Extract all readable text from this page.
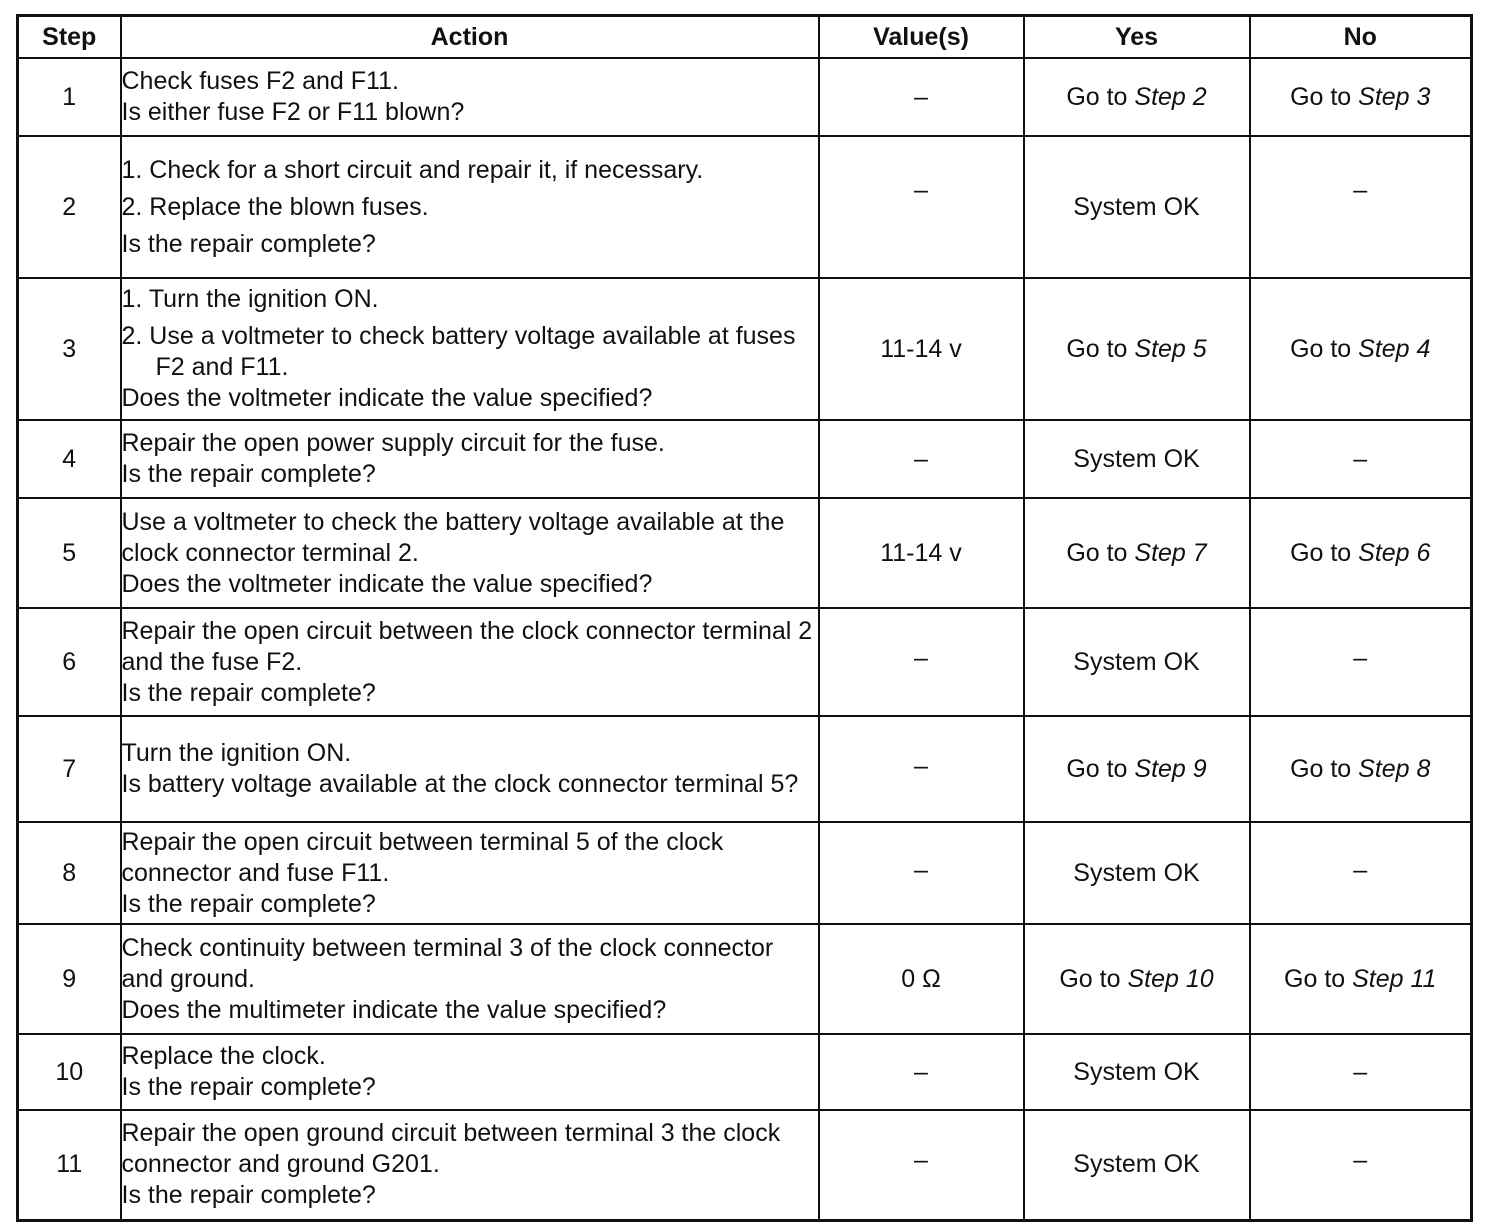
Step	Action	Value(s)	Yes	No
1	Check fuses F2 and F11.
Is either fuse F2 or F11 blown?	–	Go to Step 2	Go to Step 3
2	1. Check for a short circuit and repair it, if necessary.
2. Replace the blown fuses.
Is the repair complete?	–	System OK	–
3	1. Turn the ignition ON.
2. Use a voltmeter to check battery voltage available at fuses F2 and F11.
Does the voltmeter indicate the value specified?	11-14 v	Go to Step 5	Go to Step 4
4	Repair the open power supply circuit for the fuse.
Is the repair complete?	–	System OK	–
5	Use a voltmeter to check the battery voltage available at the clock connector terminal 2.
Does the voltmeter indicate the value specified?	11-14 v	Go to Step 7	Go to Step 6
6	Repair the open circuit between the clock connector terminal 2 and the fuse F2.
Is the repair complete?	–	System OK	–
7	Turn the ignition ON.
Is battery voltage available at the clock connector terminal 5?	–	Go to Step 9	Go to Step 8
8	Repair the open circuit between terminal 5 of the clock connector and fuse F11.
Is the repair complete?	–	System OK	–
9	Check continuity between terminal 3 of the clock connector and ground.
Does the multimeter indicate the value specified?	0 Ω	Go to Step 10	Go to Step 11
10	Replace the clock.
Is the repair complete?	–	System OK	–
11	Repair the open ground circuit between terminal 3 the clock connector and ground G201.
Is the repair complete?	–	System OK	–
